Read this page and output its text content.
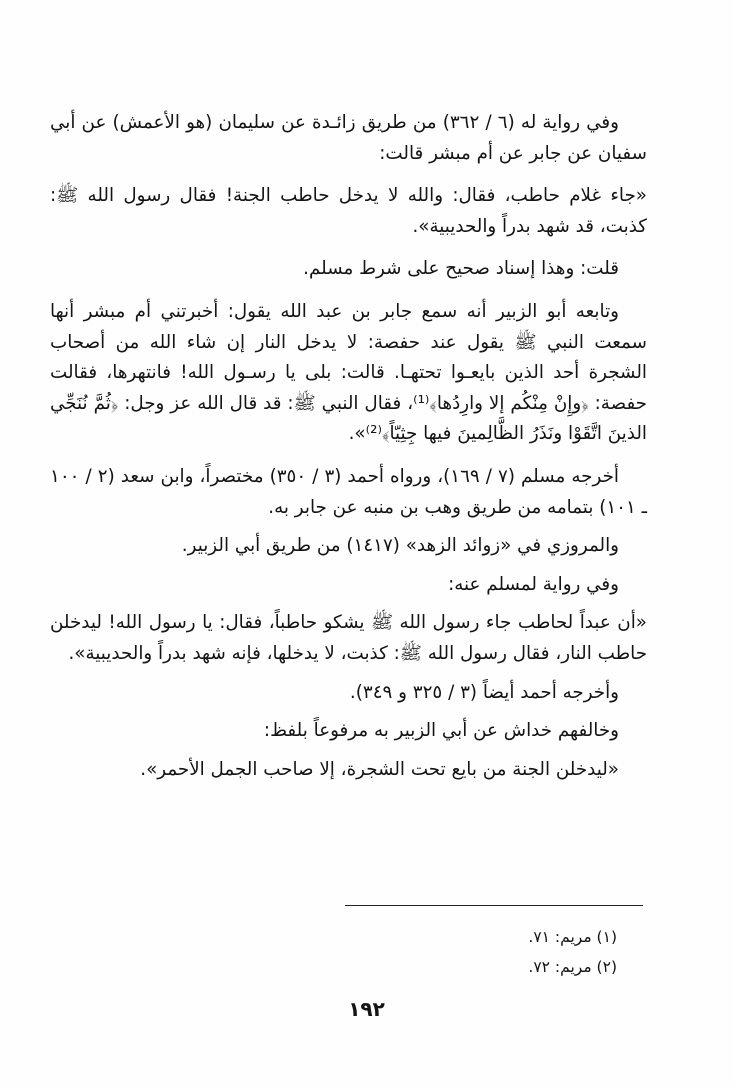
وفي رواية له (٦ / ٣٦٢) من طريق زائـدة عن سليمان (هو الأعمش) عن أبي سفيان عن جابر عن أم مبشر قالت:

«جاء غلام حاطب، فقال: والله لا يدخل حاطب الجنة! فقال رسول الله ﷺ: كذبت، قد شهد بدراً والحديبية».

قلت: وهذا إسناد صحيح على شرط مسلم.

وتابعه أبو الزبير أنه سمع جابر بن عبد الله يقول: أخبرتني أم مبشر أنها سمعت النبي ﷺ يقول عند حفصة: لا يدخل النار إن شاء الله من أصحاب الشجرة أحد الذين بايعـوا تحتهـا. قالت: بلى يا رسـول الله! فانتهرها، فقالت حفصة: ﴿وإِنْ مِنْكُم إلا وارِدُها﴾⁽¹⁾، فقال النبي ﷺ: قد قال الله عز وجل: ﴿ثُمَّ نُنَجِّي الذينَ اتَّقَوْا ونَذَرُ الظَّالِمينَ فيها جِثِيّاً﴾⁽²⁾».

أخرجه مسلم (٧ / ١٦٩)، ورواه أحمد (٣ / ٣٥٠) مختصراً، وابن سعد (٢ / ١٠٠ ـ ١٠١) بتمامه من طريق وهب بن منبه عن جابر به.

والمروزي في «زوائد الزهد» (١٤١٧) من طريق أبي الزبير.

وفي رواية لمسلم عنه:

«أن عبداً لحاطب جاء رسول الله ﷺ يشكو حاطباً، فقال: يا رسول الله! ليدخلن حاطب النار، فقال رسول الله ﷺ: كذبت، لا يدخلها، فإنه شهد بدراً والحديبية».

وأخرجه أحمد أيضاً (٣ / ٣٢٥ و ٣٤٩).

وخالفهم خداش عن أبي الزبير به مرفوعاً بلفظ:

«ليدخلن الجنة من بايع تحت الشجرة، إلا صاحب الجمل الأحمر».

(١) مريم: ٧١.

(٢) مريم: ٧٢.

١٩٢
